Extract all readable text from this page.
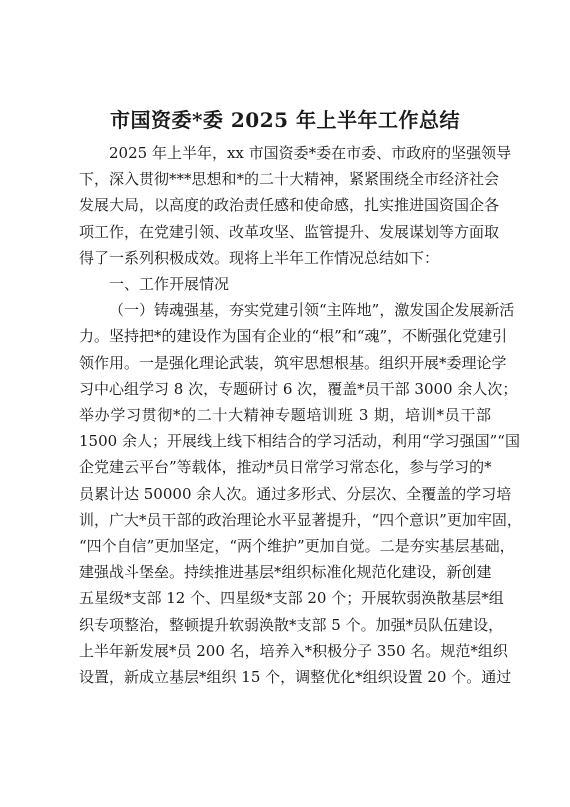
市国资委*委 2025 年上半年工作总结
2025 年上半年，xx 市国资委*委在市委、市政府的坚强领导
下，深入贯彻***思想和*的二十大精神，紧紧围绕全市经济社会
发展大局，以高度的政治责任感和使命感，扎实推进国资国企各
项工作，在党建引领、改革攻坚、监管提升、发展谋划等方面取
得了一系列积极成效。现将上半年工作情况总结如下：
一、工作开展情况
（一）铸魂强基，夯实党建引领“主阵地”，激发国企发展新活
力。坚持把*的建设作为国有企业的“根”和“魂”，不断强化党建引
领作用。一是强化理论武装，筑牢思想根基。组织开展*委理论学
习中心组学习 8 次，专题研讨 6 次，覆盖*员干部 3000 余人次；
举办学习贯彻*的二十大精神专题培训班 3 期，培训*员干部
1500 余人；开展线上线下相结合的学习活动，利用“学习强国”“国
企党建云平台”等载体，推动*员日常学习常态化，参与学习的*
员累计达 50000 余人次。通过多形式、分层次、全覆盖的学习培
训，广大*员干部的政治理论水平显著提升，“四个意识”更加牢固，
“四个自信”更加坚定，“两个维护”更加自觉。二是夯实基层基础，
建强战斗堡垒。持续推进基层*组织标准化规范化建设，新创建
五星级*支部 12 个、四星级*支部 20 个；开展软弱涣散基层*组
织专项整治，整顿提升软弱涣散*支部 5 个。加强*员队伍建设，
上半年新发展*员 200 名，培养入*积极分子 350 名。规范*组织
设置，新成立基层*组织 15 个，调整优化*组织设置 20 个。通过
